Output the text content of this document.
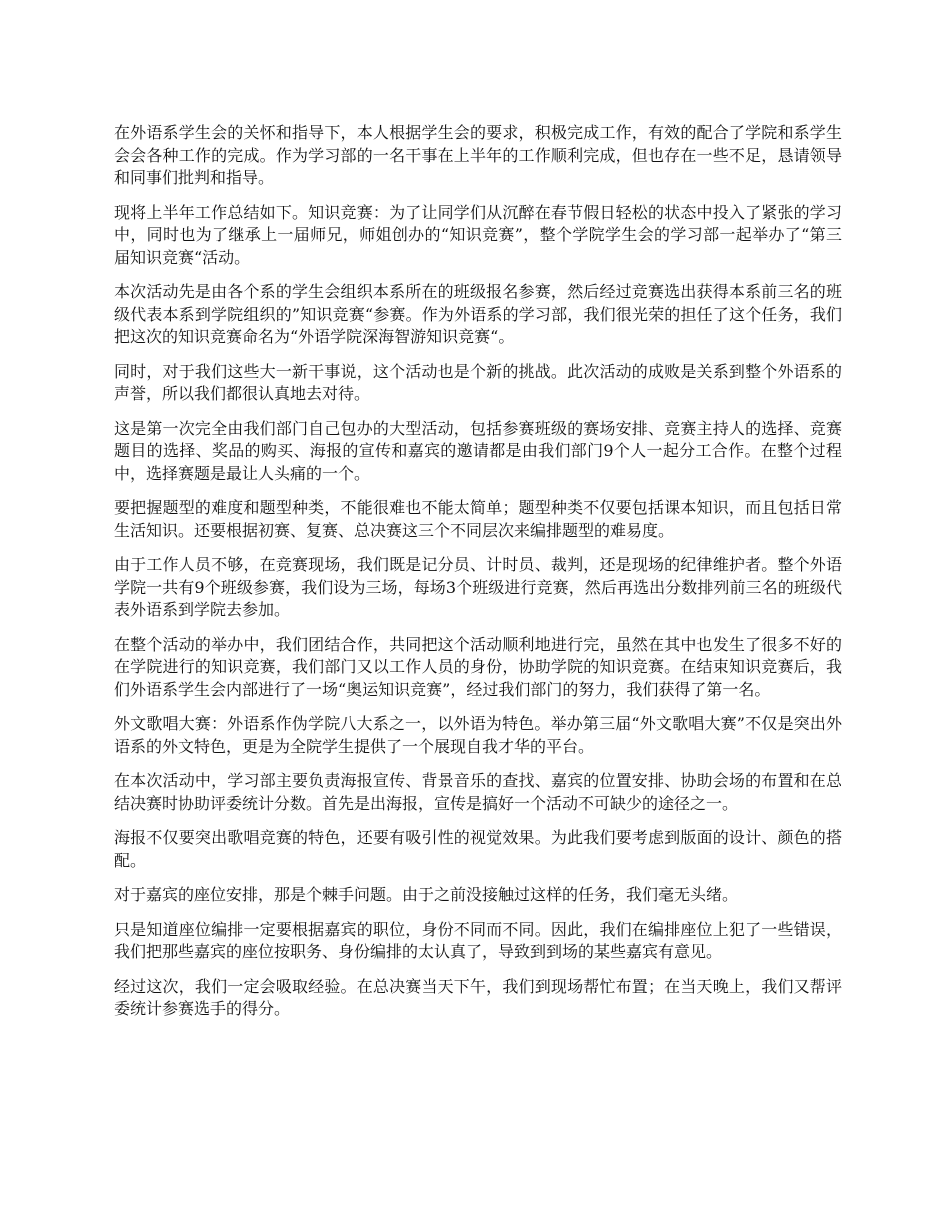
在外语系学生会的关怀和指导下，本人根据学生会的要求，积极完成工作，有效的配合了学院和系学生会会各种工作的完成。作为学习部的一名干事在上半年的工作顺利完成，但也存在一些不足，恳请领导和同事们批判和指导。

现将上半年工作总结如下。知识竞赛：为了让同学们从沉醉在春节假日轻松的状态中投入了紧张的学习中，同时也为了继承上一届师兄，师姐创办的“知识竞赛”，整个学院学生会的学习部一起举办了“第三届知识竞赛“活动。

本次活动先是由各个系的学生会组织本系所在的班级报名参赛，然后经过竞赛选出获得本系前三名的班级代表本系到学院组织的”知识竞赛“参赛。作为外语系的学习部，我们很光荣的担任了这个任务，我们把这次的知识竞赛命名为“外语学院深海智游知识竞赛“。

同时，对于我们这些大一新干事说，这个活动也是个新的挑战。此次活动的成败是关系到整个外语系的声誉，所以我们都很认真地去对待。

这是第一次完全由我们部门自己包办的大型活动，包括参赛班级的赛场安排、竞赛主持人的选择、竞赛题目的选择、奖品的购买、海报的宣传和嘉宾的邀请都是由我们部门9个人一起分工合作。在整个过程中，选择赛题是最让人头痛的一个。

要把握题型的难度和题型种类，不能很难也不能太简单；题型种类不仅要包括课本知识，而且包括日常生活知识。还要根据初赛、复赛、总决赛这三个不同层次来编排题型的难易度。

由于工作人员不够，在竞赛现场，我们既是记分员、计时员、裁判，还是现场的纪律维护者。整个外语学院一共有9个班级参赛，我们设为三场，每场3个班级进行竞赛，然后再选出分数排列前三名的班级代表外语系到学院去参加。

在整个活动的举办中，我们团结合作，共同把这个活动顺利地进行完，虽然在其中也发生了很多不好的在学院进行的知识竞赛，我们部门又以工作人员的身份，协助学院的知识竞赛。在结束知识竞赛后，我们外语系学生会内部进行了一场“奥运知识竞赛”，经过我们部门的努力，我们获得了第一名。

外文歌唱大赛：外语系作伪学院八大系之一，以外语为特色。举办第三届“外文歌唱大赛”不仅是突出外语系的外文特色，更是为全院学生提供了一个展现自我才华的平台。

在本次活动中，学习部主要负责海报宣传、背景音乐的查找、嘉宾的位置安排、协助会场的布置和在总结决赛时协助评委统计分数。首先是出海报，宣传是搞好一个活动不可缺少的途径之一。

海报不仅要突出歌唱竞赛的特色，还要有吸引性的视觉效果。为此我们要考虑到版面的设计、颜色的搭配。

对于嘉宾的座位安排，那是个棘手问题。由于之前没接触过这样的任务，我们毫无头绪。

只是知道座位编排一定要根据嘉宾的职位，身份不同而不同。因此，我们在编排座位上犯了一些错误，我们把那些嘉宾的座位按职务、身份编排的太认真了，导致到到场的某些嘉宾有意见。

经过这次，我们一定会吸取经验。在总决赛当天下午，我们到现场帮忙布置；在当天晚上，我们又帮评委统计参赛选手的得分。
